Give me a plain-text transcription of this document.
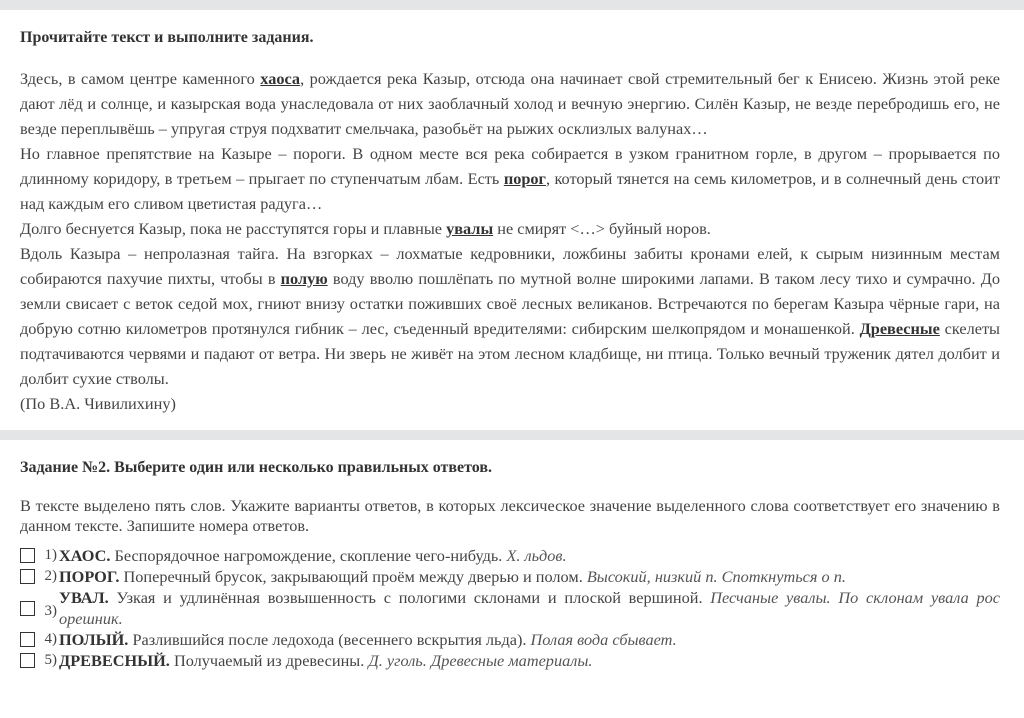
Прочитайте текст и выполните задания.

Здесь, в самом центре каменного хаоса, рождается река Казыр, отсюда она начинает свой стремительный бег к Енисею. Жизнь этой реке дают лёд и солнце, и казырская вода унаследовала от них заоблачный холод и вечную энергию. Силён Казыр, не везде перебродишь его, не везде переплывёшь – упругая струя подхватит смельчака, разобьёт на рыжих осклизлых валунах…

Но главное препятствие на Казыре – пороги. В одном месте вся река собирается в узком гранитном горле, в другом – прорывается по длинному коридору, в третьем – прыгает по ступенчатым лбам. Есть порог, который тянется на семь километров, и в солнечный день стоит над каждым его сливом цветистая радуга…

Долго беснуется Казыр, пока не расступятся горы и плавные увалы не смирят <…> буйный норов.

Вдоль Казыра – непролазная тайга. На взгорках – лохматые кедровники, ложбины забиты кронами елей, к сырым низинным местам собираются пахучие пихты, чтобы в полую воду вволю пошлёпать по мутной волне широкими лапами. В таком лесу тихо и сумрачно. До земли свисает с веток седой мох, гниют внизу остатки поживших своё лесных великанов. Встречаются по берегам Казыра чёрные гари, на добрую сотню километров протянулся гибник – лес, съеденный вредителями: сибирским шелкопрядом и монашенкой. Древесные скелеты подтачиваются червями и падают от ветра. Ни зверь не живёт на этом лесном кладбище, ни птица. Только вечный труженик дятел долбит и долбит сухие стволы.

(По В.А. Чивилихину)

Задание №2. Выберите один или несколько правильных ответов.

В тексте выделено пять слов. Укажите варианты ответов, в которых лексическое значение выделенного слова соответствует его значению в данном тексте. Запишите номера ответов.

1) ХАОС. Беспорядочное нагромождение, скопление чего-нибудь. Х. льдов.
2) ПОРОГ. Поперечный брусок, закрывающий проём между дверью и полом. Высокий, низкий п. Споткнуться о п.
3)
УВАЛ. Узкая и удлинённая возвышенность с пологими склонами и плоской вершиной. Песчаные увалы. По склонам увала рос орешник.
4) ПОЛЫЙ. Разлившийся после ледохода (весеннего вскрытия льда). Полая вода сбывает.
5) ДРЕВЕСНЫЙ. Получаемый из древесины. Д. уголь. Древесные материалы.
